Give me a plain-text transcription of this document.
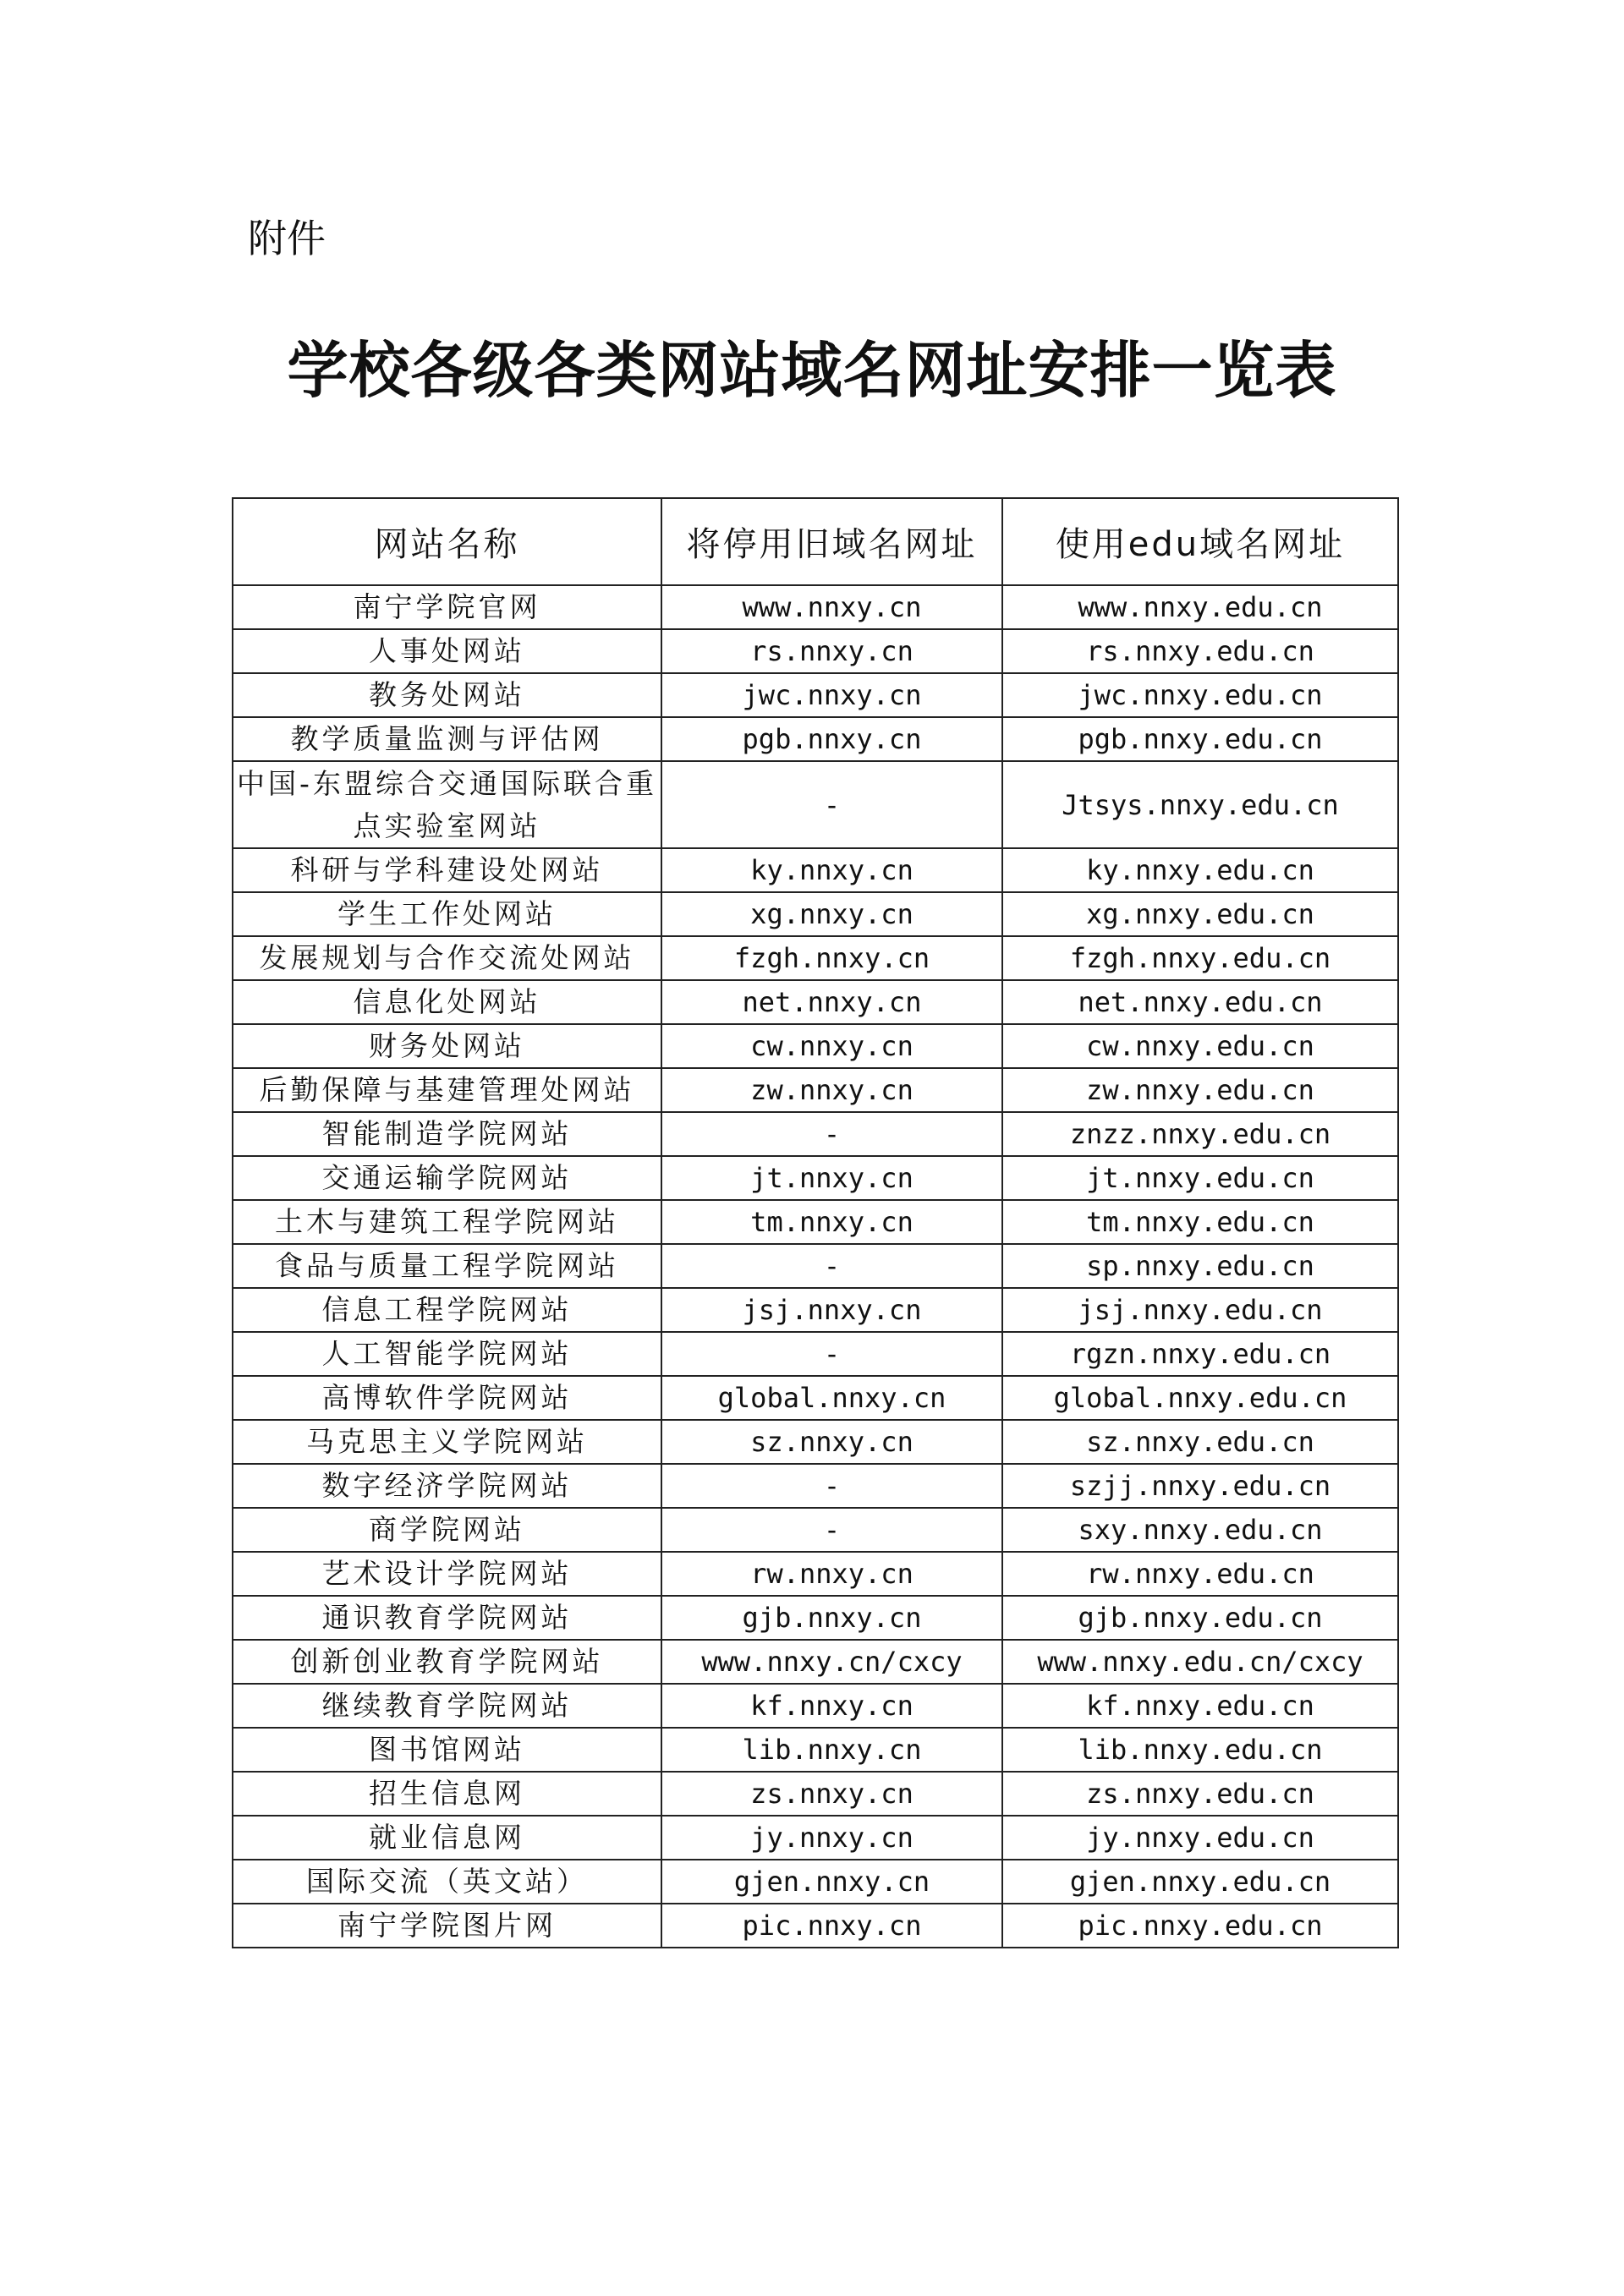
附件
学校各级各类网站域名网址安排一览表
网站名称	将停用旧域名网址	使用edu域名网址
南宁学院官网	www.nnxy.cn	www.nnxy.edu.cn
人事处网站	rs.nnxy.cn	rs.nnxy.edu.cn
教务处网站	jwc.nnxy.cn	jwc.nnxy.edu.cn
教学质量监测与评估网	pgb.nnxy.cn	pgb.nnxy.edu.cn
中国-东盟综合交通国际联合重点实验室网站	-	Jtsys.nnxy.edu.cn
科研与学科建设处网站	ky.nnxy.cn	ky.nnxy.edu.cn
学生工作处网站	xg.nnxy.cn	xg.nnxy.edu.cn
发展规划与合作交流处网站	fzgh.nnxy.cn	fzgh.nnxy.edu.cn
信息化处网站	net.nnxy.cn	net.nnxy.edu.cn
财务处网站	cw.nnxy.cn	cw.nnxy.edu.cn
后勤保障与基建管理处网站	zw.nnxy.cn	zw.nnxy.edu.cn
智能制造学院网站	-	znzz.nnxy.edu.cn
交通运输学院网站	jt.nnxy.cn	jt.nnxy.edu.cn
土木与建筑工程学院网站	tm.nnxy.cn	tm.nnxy.edu.cn
食品与质量工程学院网站	-	sp.nnxy.edu.cn
信息工程学院网站	jsj.nnxy.cn	jsj.nnxy.edu.cn
人工智能学院网站	-	rgzn.nnxy.edu.cn
高博软件学院网站	global.nnxy.cn	global.nnxy.edu.cn
马克思主义学院网站	sz.nnxy.cn	sz.nnxy.edu.cn
数字经济学院网站	-	szjj.nnxy.edu.cn
商学院网站	-	sxy.nnxy.edu.cn
艺术设计学院网站	rw.nnxy.cn	rw.nnxy.edu.cn
通识教育学院网站	gjb.nnxy.cn	gjb.nnxy.edu.cn
创新创业教育学院网站	www.nnxy.cn/cxcy	www.nnxy.edu.cn/cxcy
继续教育学院网站	kf.nnxy.cn	kf.nnxy.edu.cn
图书馆网站	lib.nnxy.cn	lib.nnxy.edu.cn
招生信息网	zs.nnxy.cn	zs.nnxy.edu.cn
就业信息网	jy.nnxy.cn	jy.nnxy.edu.cn
国际交流（英文站）	gjen.nnxy.cn	gjen.nnxy.edu.cn
南宁学院图片网	pic.nnxy.cn	pic.nnxy.edu.cn
